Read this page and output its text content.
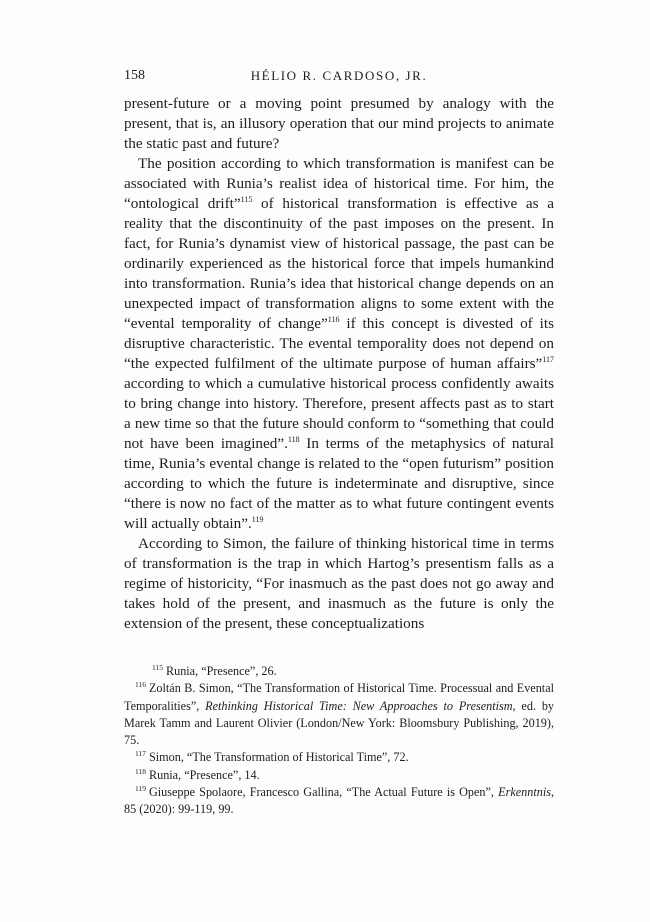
158	HÉLIO R. CARDOSO, JR.

present-future or a moving point presumed by analogy with the present, that is, an illusory operation that our mind projects to animate the static past and future?

The position according to which transformation is manifest can be associated with Runia’s realist idea of historical time. For him, the “ontological drift”$^{115}$ of historical transformation is effective as a reality that the discontinuity of the past imposes on the present. In fact, for Runia’s dynamist view of historical passage, the past can be ordinarily experienced as the historical force that impels humankind into transformation. Runia’s idea that historical change depends on an unexpected impact of transformation aligns to some extent with the “evental temporality of change”$^{116}$ if this concept is divested of its disruptive characteristic. The evental temporality does not depend on “the expected fulfilment of the ultimate purpose of human affairs”$^{117}$ according to which a cumulative historical process confidently awaits to bring change into history. Therefore, present affects past as to start a new time so that the future should conform to “something that could not have been imagined”.$^{118}$ In terms of the metaphysics of natural time, Runia’s evental change is related to the “open futurism” position according to which the future is indeterminate and disruptive, since “there is now no fact of the matter as to what future contingent events will actually obtain”.$^{119}$

According to Simon, the failure of thinking historical time in terms of transformation is the trap in which Hartog’s presentism falls as a regime of historicity, “For inasmuch as the past does not go away and takes hold of the present, and inasmuch as the future is only the extension of the present, these conceptualizations

$^{115}$ Runia, “Presence”, 26.

$^{116}$ Zoltán B. Simon, “The Transformation of Historical Time. Processual and Evental Temporalities”, Rethinking Historical Time: New Approaches to Presentism, ed. by Marek Tamm and Laurent Olivier (London/New York: Bloomsbury Publishing, 2019), 75.

$^{117}$ Simon, “The Transformation of Historical Time”, 72.

$^{118}$ Runia, “Presence”, 14.

$^{119}$ Giuseppe Spolaore, Francesco Gallina, “The Actual Future is Open”, Erkenntnis, 85 (2020): 99-119, 99.
